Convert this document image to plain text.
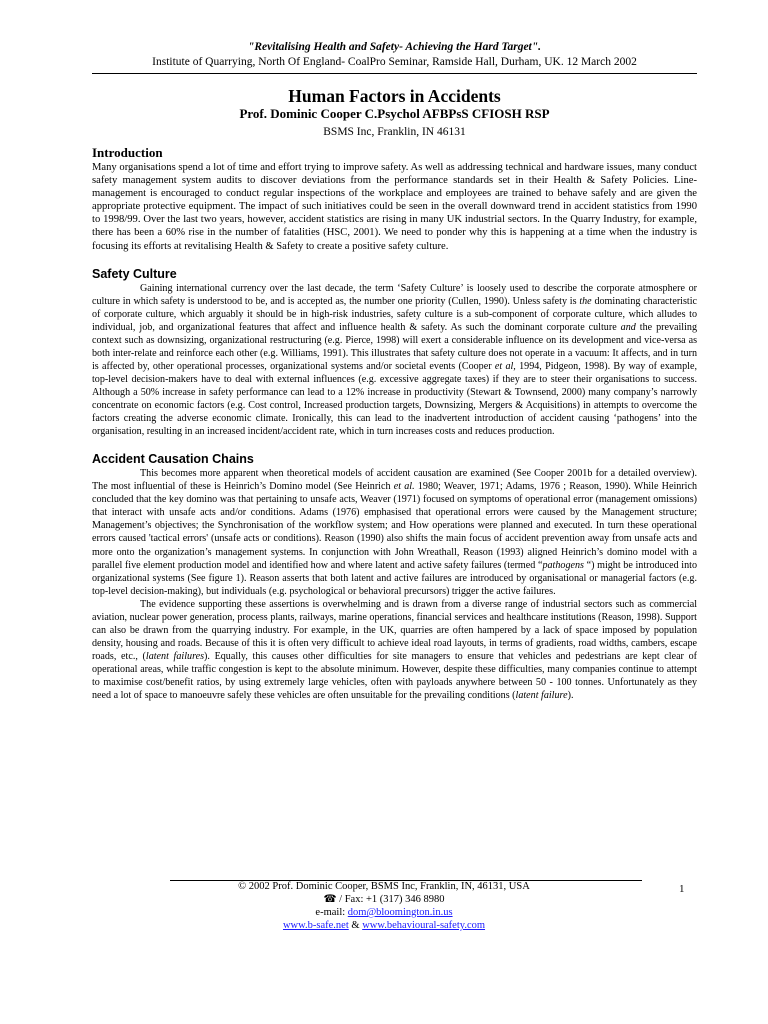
"Revitalising Health and Safety- Achieving the Hard Target".
Institute of Quarrying, North Of England- CoalPro Seminar, Ramside Hall, Durham, UK. 12 March 2002
Human Factors in Accidents
Prof. Dominic Cooper C.Psychol AFBPsS CFIOSH RSP
BSMS Inc, Franklin, IN 46131
Introduction

Many organisations spend a lot of time and effort trying to improve safety. As well as addressing technical and hardware issues, many conduct safety management system audits to discover deviations from the performance standards set in their Health & Safety Policies. Line-management is encouraged to conduct regular inspections of the workplace and employees are trained to behave safely and are given the appropriate protective equipment. The impact of such initiatives could be seen in the overall downward trend in accident statistics from 1990 to 1998/99. Over the last two years, however, accident statistics are rising in many UK industrial sectors. In the Quarry Industry, for example, there has been a 60% rise in the number of fatalities (HSC, 2001). We need to ponder why this is happening at a time when the industry is focusing its efforts at revitalising Health & Safety to create a positive safety culture.

Safety Culture

Gaining international currency over the last decade, the term ‘Safety Culture’ is loosely used to describe the corporate atmosphere or culture in which safety is understood to be, and is accepted as, the number one priority (Cullen, 1990). Unless safety is the dominating characteristic of corporate culture, which arguably it should be in high-risk industries, safety culture is a sub-component of corporate culture, which alludes to individual, job, and organizational features that affect and influence health & safety. As such the dominant corporate culture and the prevailing context such as downsizing, organizational restructuring (e.g. Pierce, 1998) will exert a considerable influence on its development and vice-versa as both inter-relate and reinforce each other (e.g. Williams, 1991). This illustrates that safety culture does not operate in a vacuum: It affects, and in turn is affected by, other operational processes, organizational systems and/or societal events (Cooper et al, 1994, Pidgeon, 1998). By way of example, top-level decision-makers have to deal with external influences (e.g. excessive aggregate taxes) if they are to steer their organisations to success. Although a 50% increase in safety performance can lead to a 12% increase in productivity (Stewart & Townsend, 2000) many company’s narrowly concentrate on economic factors (e.g. Cost control, Increased production targets, Downsizing, Mergers & Acquisitions) in attempts to overcome the factors creating the adverse economic climate. Ironically, this can lead to the inadvertent introduction of accident causing ‘pathogens’ into the organisation, resulting in an increased incident/accident rate, which in turn increases costs and reduces production.

Accident Causation Chains

This becomes more apparent when theoretical models of accident causation are examined (See Cooper 2001b for a detailed overview). The most influential of these is Heinrich’s Domino model (See Heinrich et al. 1980; Weaver, 1971; Adams, 1976 ; Reason, 1990). While Heinrich concluded that the key domino was that pertaining to unsafe acts, Weaver (1971) focused on symptoms of operational error (management omissions) that interact with unsafe acts and/or conditions. Adams (1976) emphasised that operational errors were caused by the Management structure; Management’s objectives; the Synchronisation of the workflow system; and How operations were planned and executed. In turn these operational errors caused 'tactical errors' (unsafe acts or conditions). Reason (1990) also shifts the main focus of accident prevention away from unsafe acts and more onto the organization’s management systems. In conjunction with John Wreathall, Reason (1993) aligned Heinrich’s domino model with a parallel five element production model and identified how and where latent and active safety failures (termed “pathogens “) might be introduced into organizational systems (See figure 1). Reason asserts that both latent and active failures are introduced by organisational or managerial factors (e.g. top-level decision-making), but individuals (e.g. psychological or behavioral precursors) trigger the active failures.

The evidence supporting these assertions is overwhelming and is drawn from a diverse range of industrial sectors such as commercial aviation, nuclear power generation, process plants, railways, marine operations, financial services and healthcare institutions (Reason, 1998). Support can also be drawn from the quarrying industry. For example, in the UK, quarries are often hampered by a lack of space imposed by population density, housing and roads. Because of this it is often very difficult to achieve ideal road layouts, in terms of gradients, road widths, cambers, escape roads, etc., (latent failures). Equally, this causes other difficulties for site managers to ensure that vehicles and pedestrians are kept clear of operational areas, while traffic congestion is kept to the absolute minimum. However, despite these difficulties, many companies continue to attempt to maximise cost/benefit ratios, by using extremely large vehicles, often with payloads anywhere between 50 - 100 tonnes. Unfortunately as they need a lot of space to manoeuvre safely these vehicles are often unsuitable for the prevailing conditions (latent failure).

© 2002 Prof. Dominic Cooper, BSMS Inc, Franklin, IN, 46131, USA
☎ / Fax: +1 (317) 346 8980
e-mail: dom@bloomington.in.us
www.b-safe.net & www.behavioural-safety.com
1
